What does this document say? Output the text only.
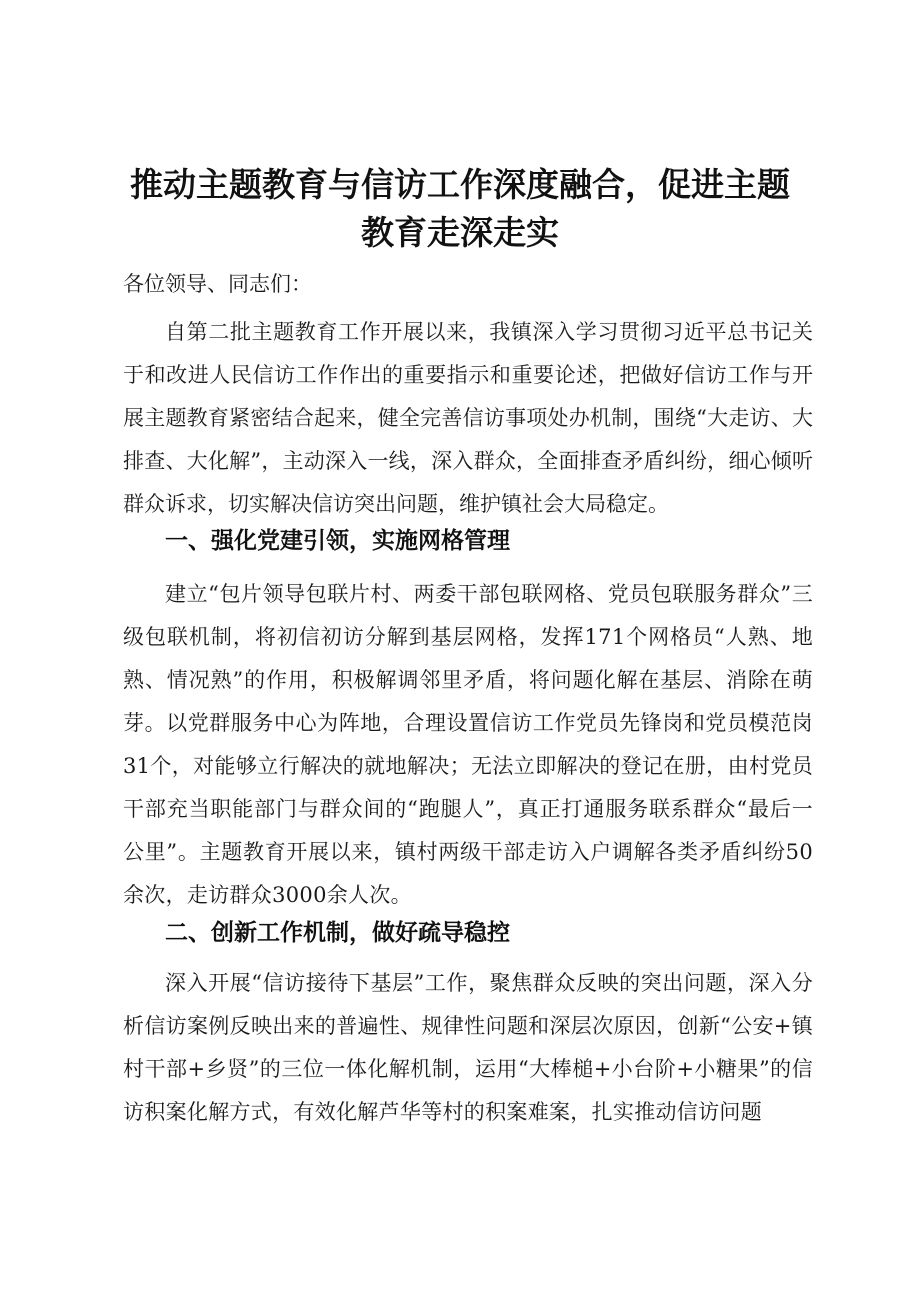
推动主题教育与信访工作深度融合，促进主题
教育走深走实
各位领导、同志们：

自第二批主题教育工作开展以来，我镇深入学习贯彻习近平总书记关于和改进人民信访工作作出的重要指示和重要论述，把做好信访工作与开展主题教育紧密结合起来，健全完善信访事项处办机制，围绕“大走访、大排查、大化解”，主动深入一线，深入群众，全面排查矛盾纠纷，细心倾听群众诉求，切实解决信访突出问题，维护镇社会大局稳定。

一、强化党建引领，实施网格管理

建立“包片领导包联片村、两委干部包联网格、党员包联服务群众”三级包联机制，将初信初访分解到基层网格，发挥171个网格员“人熟、地熟、情况熟”的作用，积极解调邻里矛盾，将问题化解在基层、消除在萌芽。以党群服务中心为阵地，合理设置信访工作党员先锋岗和党员模范岗31个，对能够立行解决的就地解决；无法立即解决的登记在册，由村党员干部充当职能部门与群众间的“跑腿人”，真正打通服务联系群众“最后一公里”。主题教育开展以来，镇村两级干部走访入户调解各类矛盾纠纷50余次，走访群众3000余人次。

二、创新工作机制，做好疏导稳控

深入开展“信访接待下基层”工作，聚焦群众反映的突出问题，深入分析信访案例反映出来的普遍性、规律性问题和深层次原因，创新“公安+镇村干部+乡贤”的三位一体化解机制，运用“大棒槌+小台阶+小糖果”的信访积案化解方式，有效化解芦华等村的积案难案，扎实推动信访问题
